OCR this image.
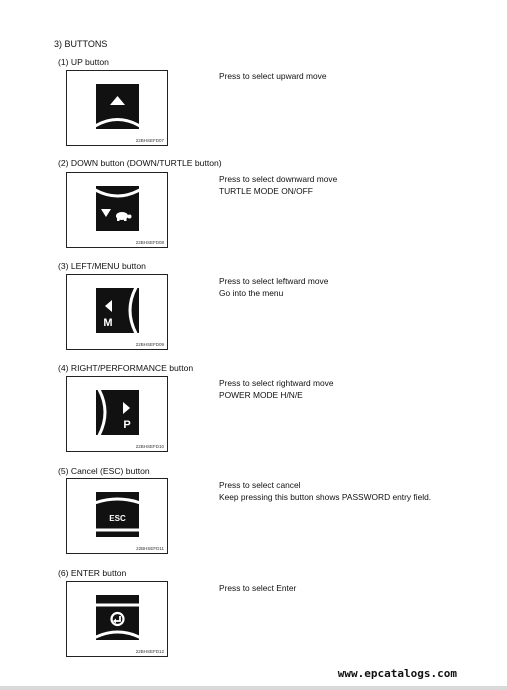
3) BUTTONS
(1) UP button
22BHSEFD07
Press to select upward move
(2) DOWN button (DOWN/TURTLE button)
22BHSEFD08
Press to select downward move
TURTLE MODE ON/OFF
(3) LEFT/MENU button
M
22BHSEFD09
Press to select leftward move
Go into the menu
(4) RIGHT/PERFORMANCE button
P
22BHSEFD10
Press to select rightward move
POWER MODE H/N/E
(5) Cancel (ESC) button
ESC
22BHSEFD11
Press to select cancel
Keep pressing this button shows PASSWORD entry field.
(6) ENTER button
22BHSEFD12
Press to select Enter
www.epcatalogs.com
